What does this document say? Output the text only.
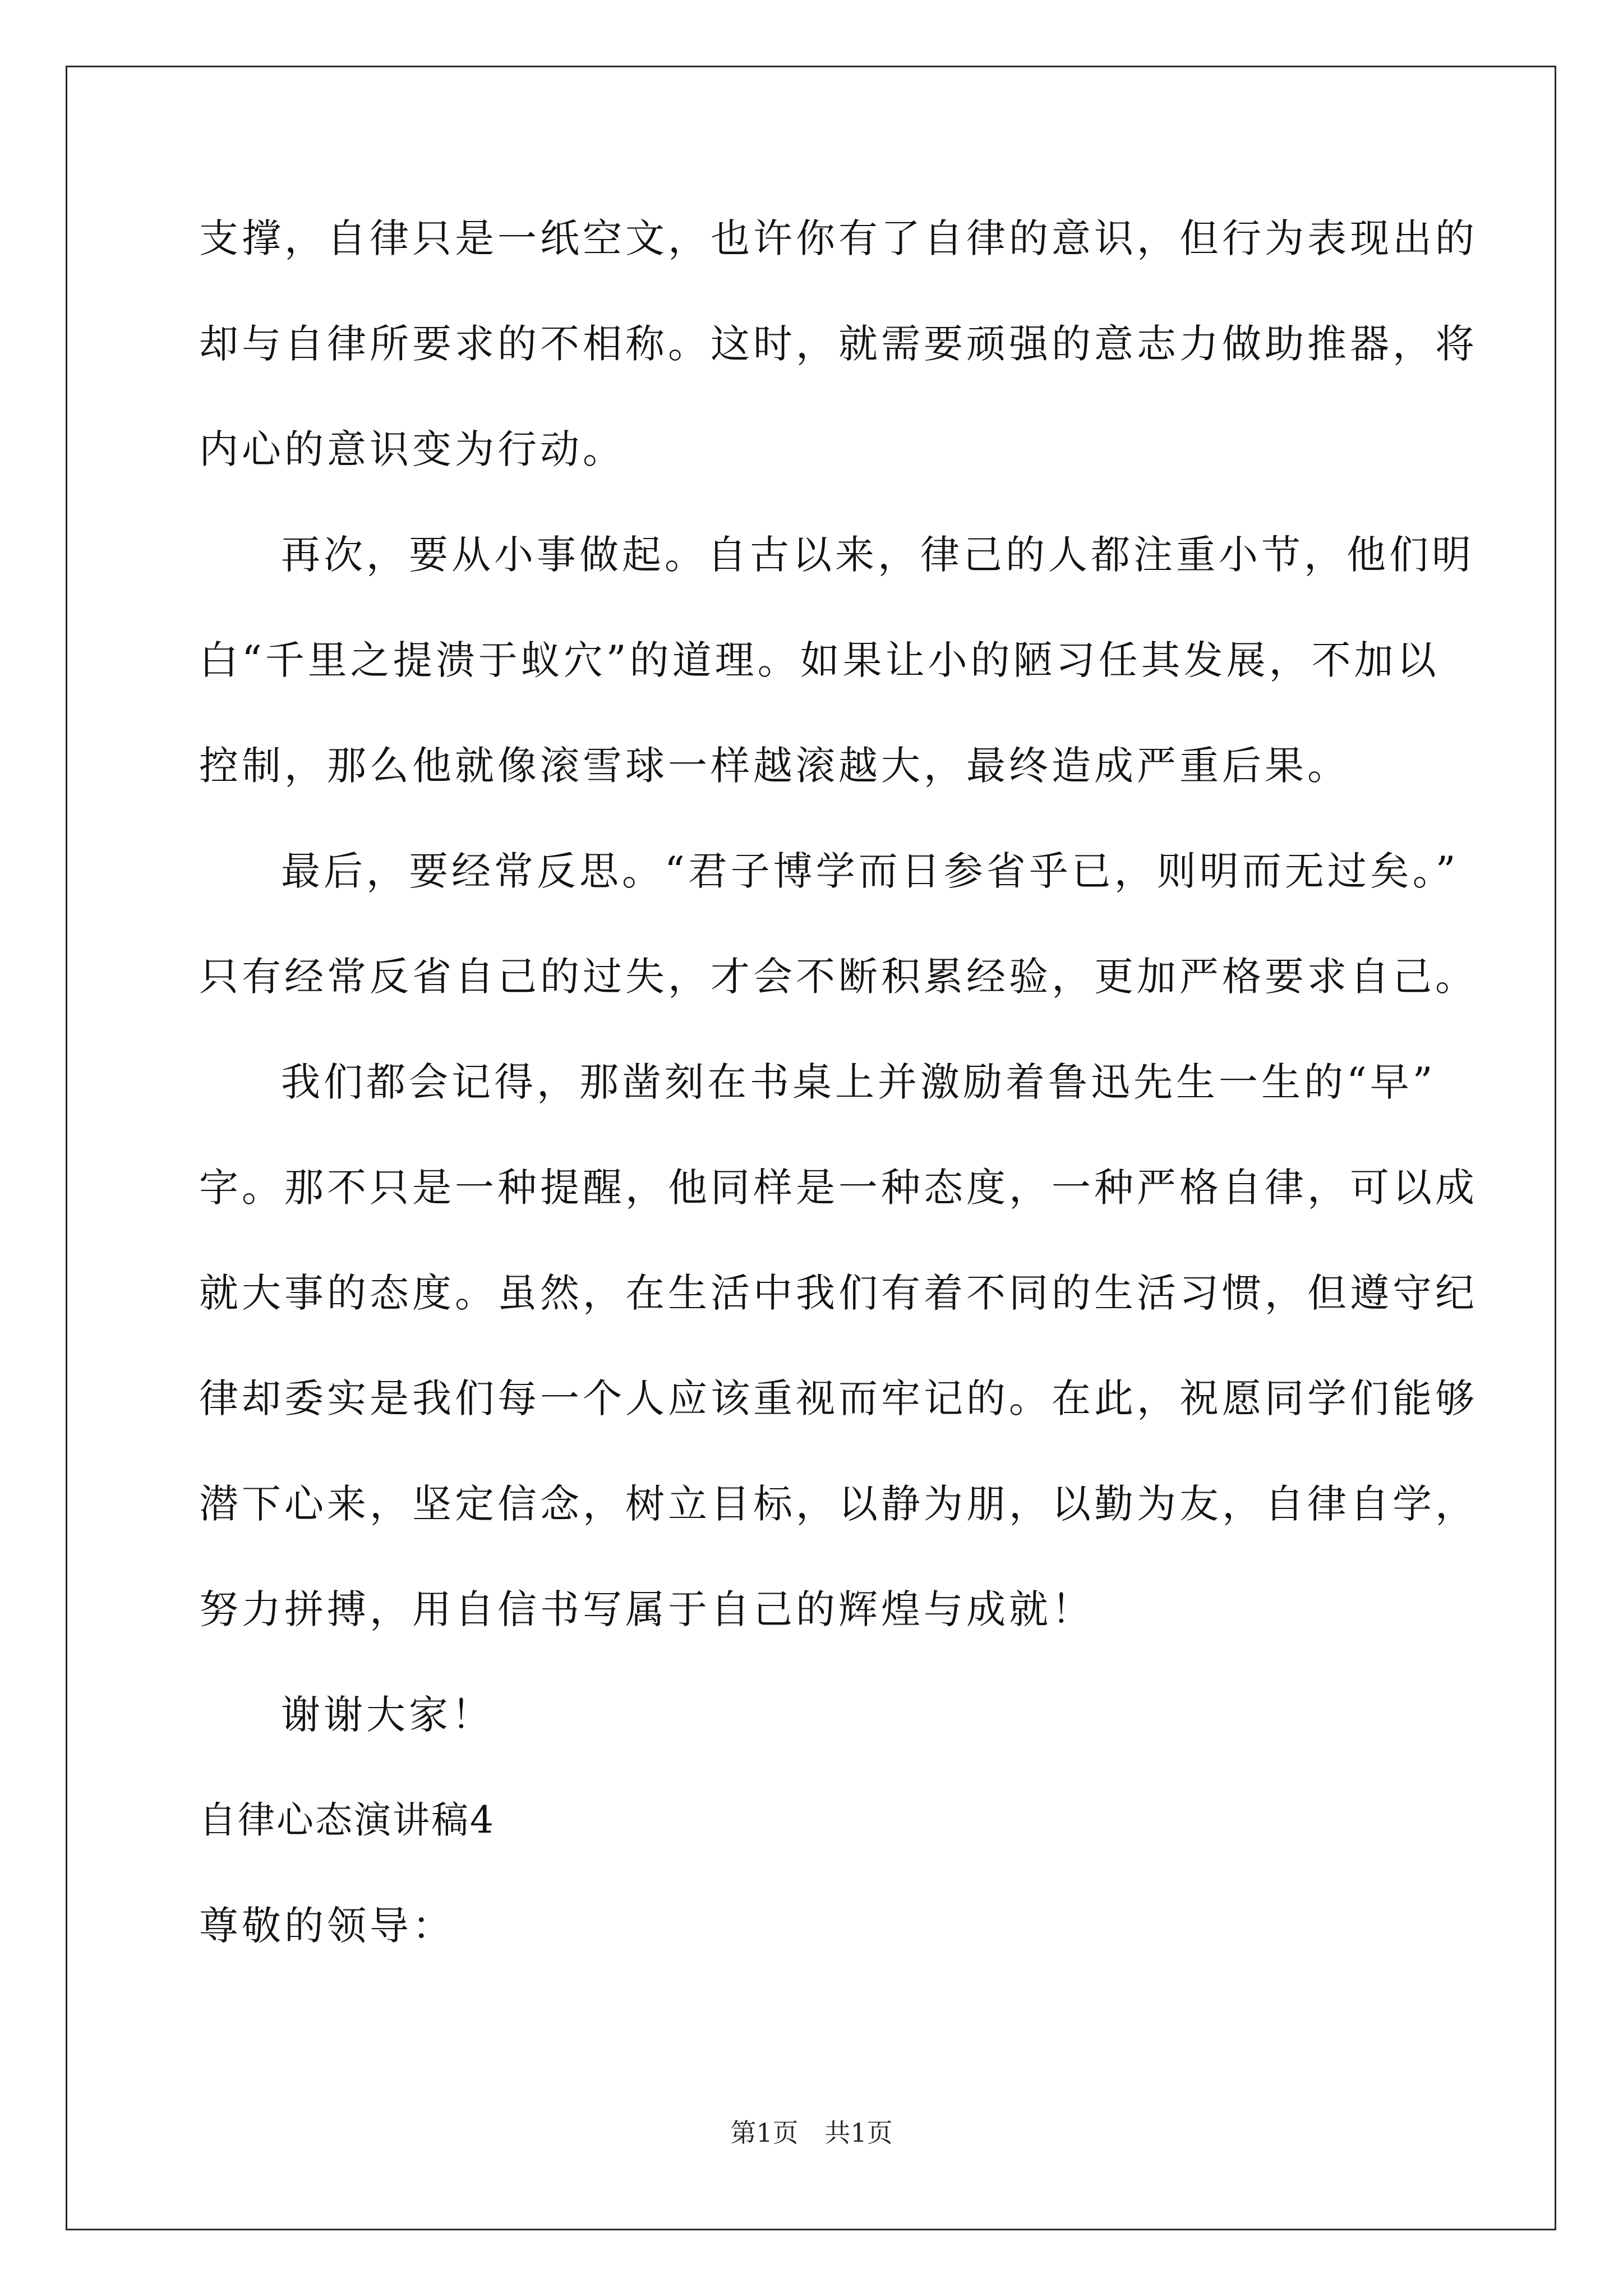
支撑，自律只是一纸空文，也许你有了自律的意识，但行为表现出的
却与自律所要求的不相称。这时，就需要顽强的意志力做助推器，将
内心的意识变为行动。
再次，要从小事做起。自古以来，律己的人都注重小节，他们明
白“千里之提溃于蚁穴”的道理。如果让小的陋习任其发展，不加以
控制，那么他就像滚雪球一样越滚越大，最终造成严重后果。
最后，要经常反思。“君子博学而日参省乎已，则明而无过矣。”
只有经常反省自己的过失，才会不断积累经验，更加严格要求自己。
我们都会记得，那凿刻在书桌上并激励着鲁迅先生一生的“早”
字。那不只是一种提醒，他同样是一种态度，一种严格自律，可以成
就大事的态度。虽然，在生活中我们有着不同的生活习惯，但遵守纪
律却委实是我们每一个人应该重视而牢记的。在此，祝愿同学们能够
潜下心来，坚定信念，树立目标，以静为朋，以勤为友，自律自学，
努力拼搏，用自信书写属于自己的辉煌与成就！
谢谢大家！
自律心态演讲稿4
尊敬的领导：
第1页 共1页
